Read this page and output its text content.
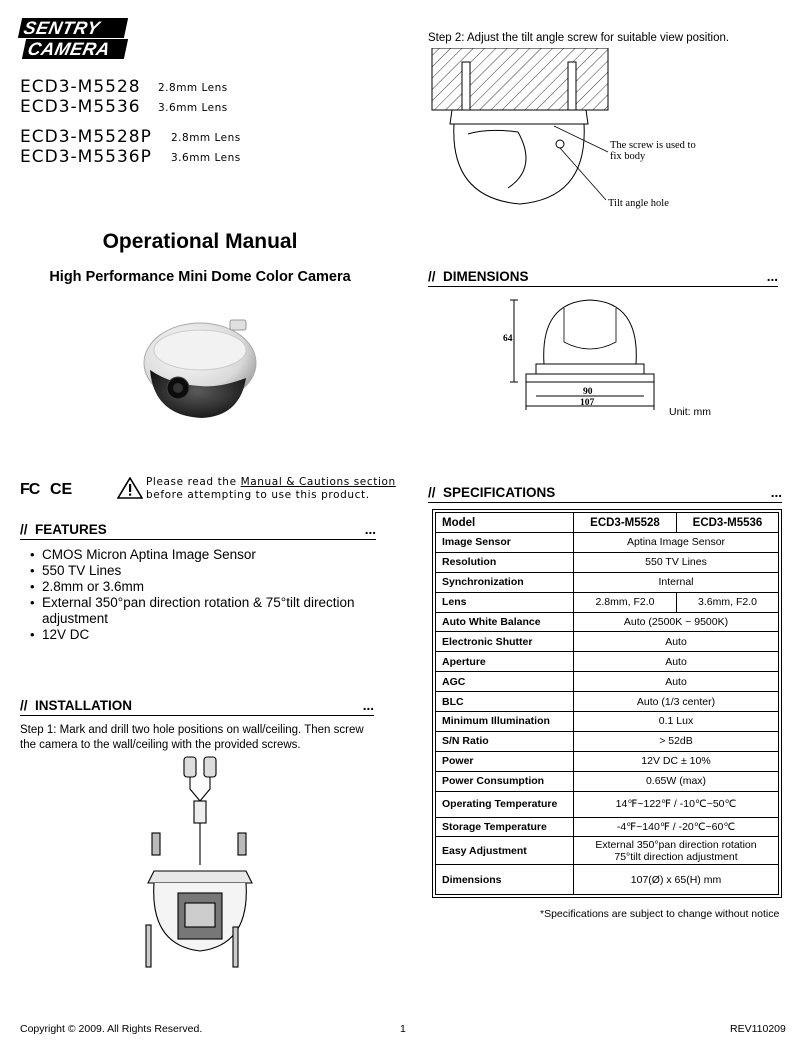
SENTRY
CAMERA
ECD3-M5528 2.8mm Lens
ECD3-M5536 3.6mm Lens
ECD3-M5528P 2.8mm Lens
ECD3-M5536P 3.6mm Lens
Operational Manual
High Performance Mini Dome Color Camera
FC CE	Please read the Manual & Cautions section
before attempting to use this product.
// FEATURES	...
• CMOS Micron Aptina Image Sensor
• 550 TV Lines
• 2.8mm or 3.6mm
• External 350°pan direction rotation & 75°tilt direction adjustment
• 12V DC
// INSTALLATION	...
Step 1: Mark and drill two hole positions on wall/ceiling. Then screw the camera to the wall/ceiling with the provided screws.
Step 2: Adjust the tilt angle screw for suitable view position.
The screw is used to fix body
Tilt angle hole
// DIMENSIONS	...
64
90
107
Unit: mm
// SPECIFICATIONS	...
Model	ECD3-M5528	ECD3-M5536
Image Sensor	Aptina Image Sensor	
Resolution	550 TV Lines	
Synchronization	Internal	
Lens	2.8mm, F2.0	3.6mm, F2.0
Auto White Balance	Auto (2500K ~ 9500K)	
Electronic Shutter	Auto	
Aperture	Auto	
AGC	Auto	
BLC	Auto (1/3 center)	
Minimum Illumination	0.1 Lux	
S/N Ratio	> 52dB	
Power	12V DC ± 10%	
Power Consumption	0.65W (max)	
Operating Temperature	14℉~122℉ / -10℃~50℃	
Storage Temperature	-4℉~140℉ / -20℃~60℃	
Easy Adjustment	External 350°pan direction rotation
75°tilt direction adjustment	
Dimensions	107(Ø) x 65(H) mm	
*Specifications are subject to change without notice
Copyright © 2009. All Rights Reserved.	1	REV110209
